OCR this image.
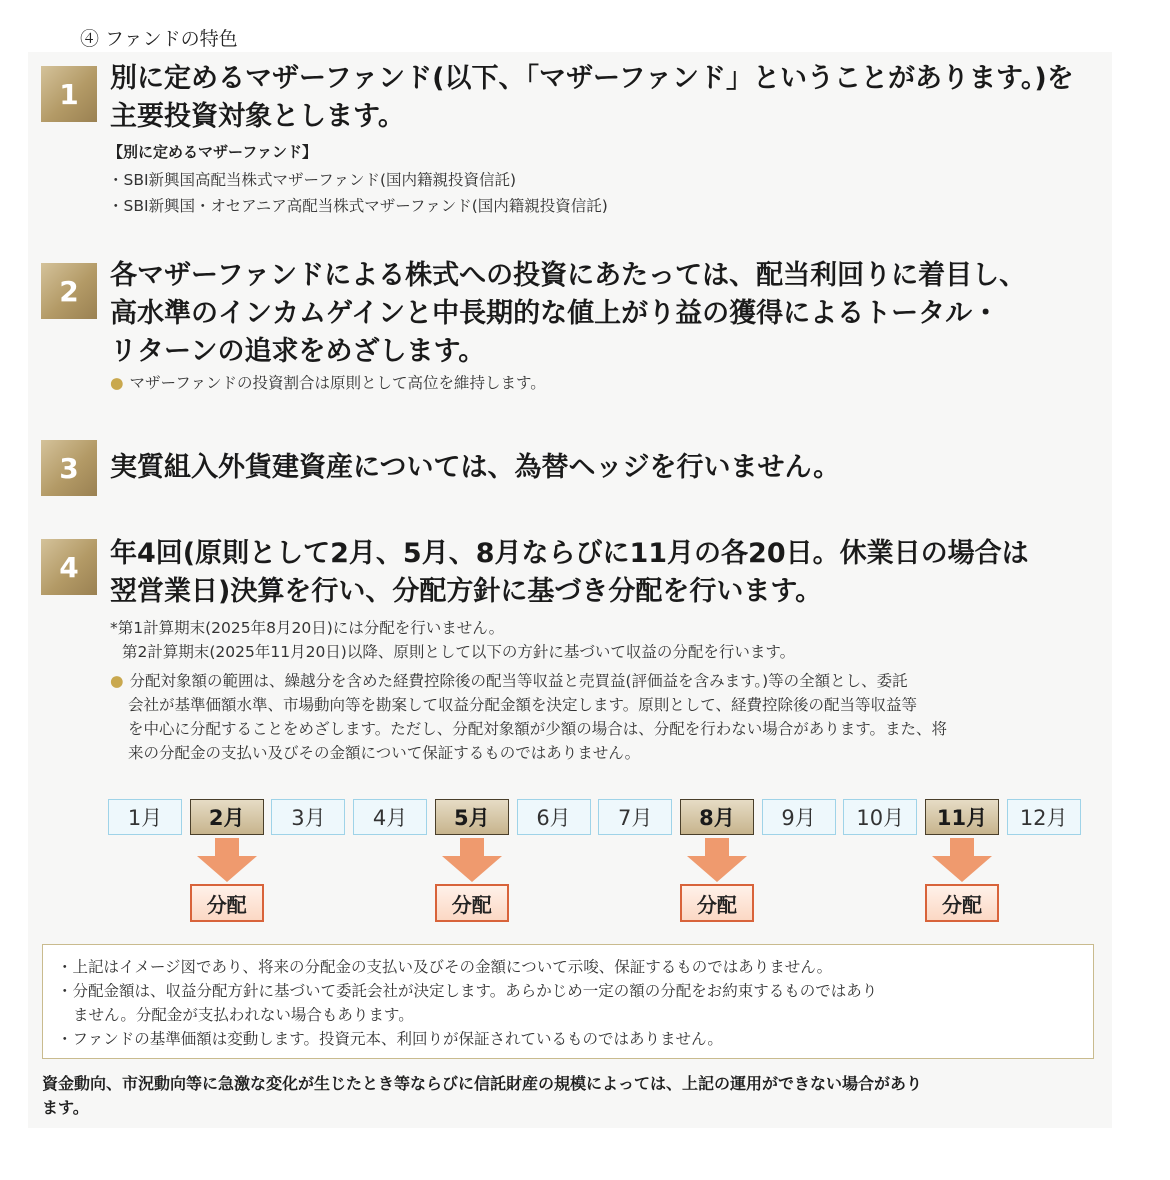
④ ファンドの特色
1	別に定めるマザーファンド(以下、「マザーファンド」ということがあります。)を
主要投資対象とします。
【別に定めるマザーファンド】
・SBI新興国高配当株式マザーファンド(国内籍親投資信託)
・SBI新興国・オセアニア高配当株式マザーファンド(国内籍親投資信託)
2	各マザーファンドによる株式への投資にあたっては、配当利回りに着目し、
高水準のインカムゲインと中長期的な値上がり益の獲得によるトータル・
リターンの追求をめざします。
● マザーファンドの投資割合は原則として高位を維持します。
3	実質組入外貨建資産については、為替ヘッジを行いません。
4	年4回(原則として2月、5月、8月ならびに11月の各20日。休業日の場合は
翌営業日)決算を行い、分配方針に基づき分配を行います。
*第1計算期末(2025年8月20日)には分配を行いません。
第2計算期末(2025年11月20日)以降、原則として以下の方針に基づいて収益の分配を行います。
● 分配対象額の範囲は、繰越分を含めた経費控除後の配当等収益と売買益(評価益を含みます。)等の全額とし、委託
会社が基準価額水準、市場動向等を勘案して収益分配金額を決定します。原則として、経費控除後の配当等収益等
を中心に分配することをめざします。ただし、分配対象額が少額の場合は、分配を行わない場合があります。また、将
来の分配金の支払い及びその金額について保証するものではありません。
1月	2月
分配
3月	4月	5月
分配
6月	7月	8月
分配
9月	10月	11月
分配
12月
・上記はイメージ図であり、将来の分配金の支払い及びその金額について示唆、保証するものではありません。
・分配金額は、収益分配方針に基づいて委託会社が決定します。あらかじめ一定の額の分配をお約束するものではあり
ません。分配金が支払われない場合もあります。
・ファンドの基準価額は変動します。投資元本、利回りが保証されているものではありません。
資金動向、市況動向等に急激な変化が生じたとき等ならびに信託財産の規模によっては、上記の運用ができない場合があり
ます。
